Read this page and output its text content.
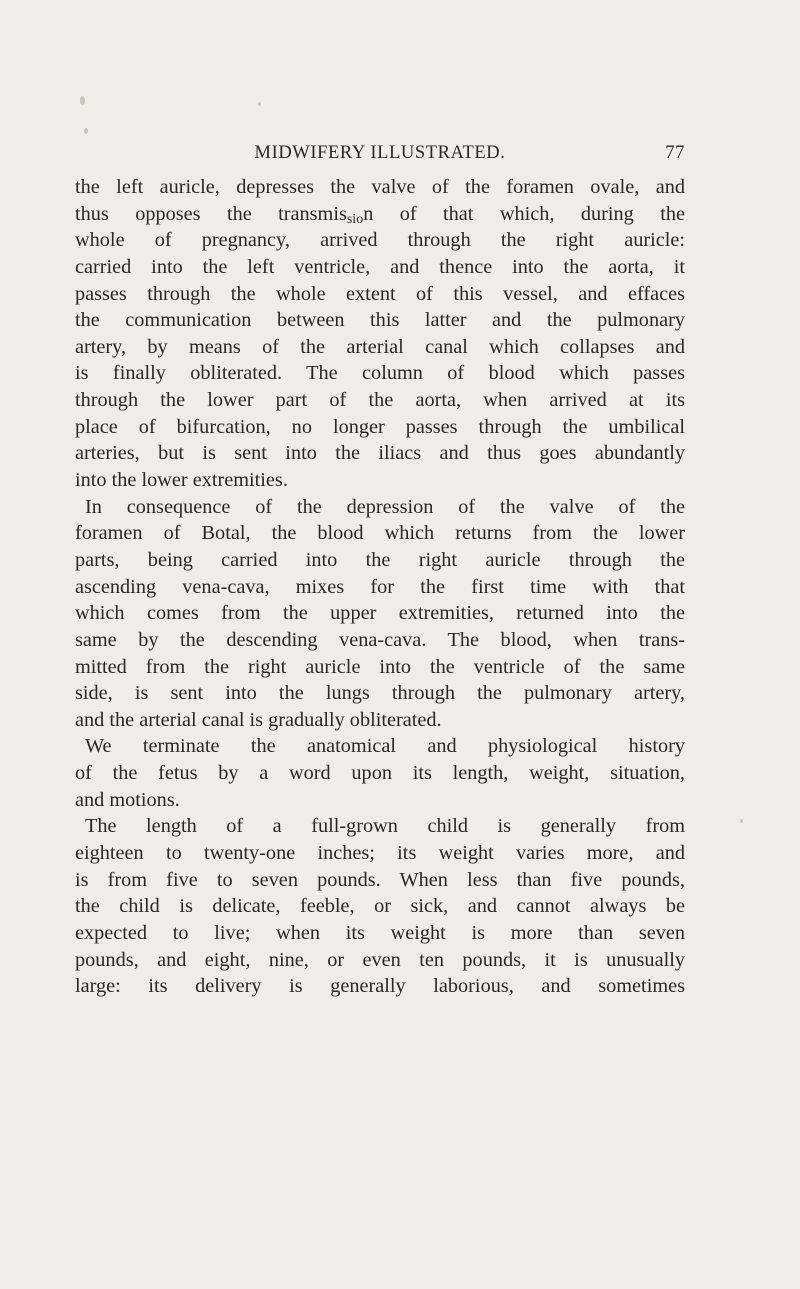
MIDWIFERY ILLUSTRATED.	77
the left auricle, depresses the valve of the foramen ovale, and
thus opposes the transmis$_{sio}$n of that which, during the
whole of pregnancy, arrived through the right auricle:
carried into the left ventricle, and thence into the aorta, it
passes through the whole extent of this vessel, and effaces
the communication between this latter and the pulmonary
artery, by means of the arterial canal which collapses and
is finally obliterated. The column of blood which passes
through the lower part of the aorta, when arrived at its
place of bifurcation, no longer passes through the umbilical
arteries, but is sent into the iliacs and thus goes abundantly
into the lower extremities.
In consequence of the depression of the valve of the
foramen of Botal, the blood which returns from the lower
parts, being carried into the right auricle through the
ascending vena-cava, mixes for the first time with that
which comes from the upper extremities, returned into the
same by the descending vena-cava. The blood, when trans-
mitted from the right auricle into the ventricle of the same
side, is sent into the lungs through the pulmonary artery,
and the arterial canal is gradually obliterated.
We terminate the anatomical and physiological history
of the fetus by a word upon its length, weight, situation,
and motions.
The length of a full-grown child is generally from
eighteen to twenty-one inches; its weight varies more, and
is from five to seven pounds. When less than five pounds,
the child is delicate, feeble, or sick, and cannot always be
expected to live; when its weight is more than seven
pounds, and eight, nine, or even ten pounds, it is unusually
large: its delivery is generally laborious, and sometimes
